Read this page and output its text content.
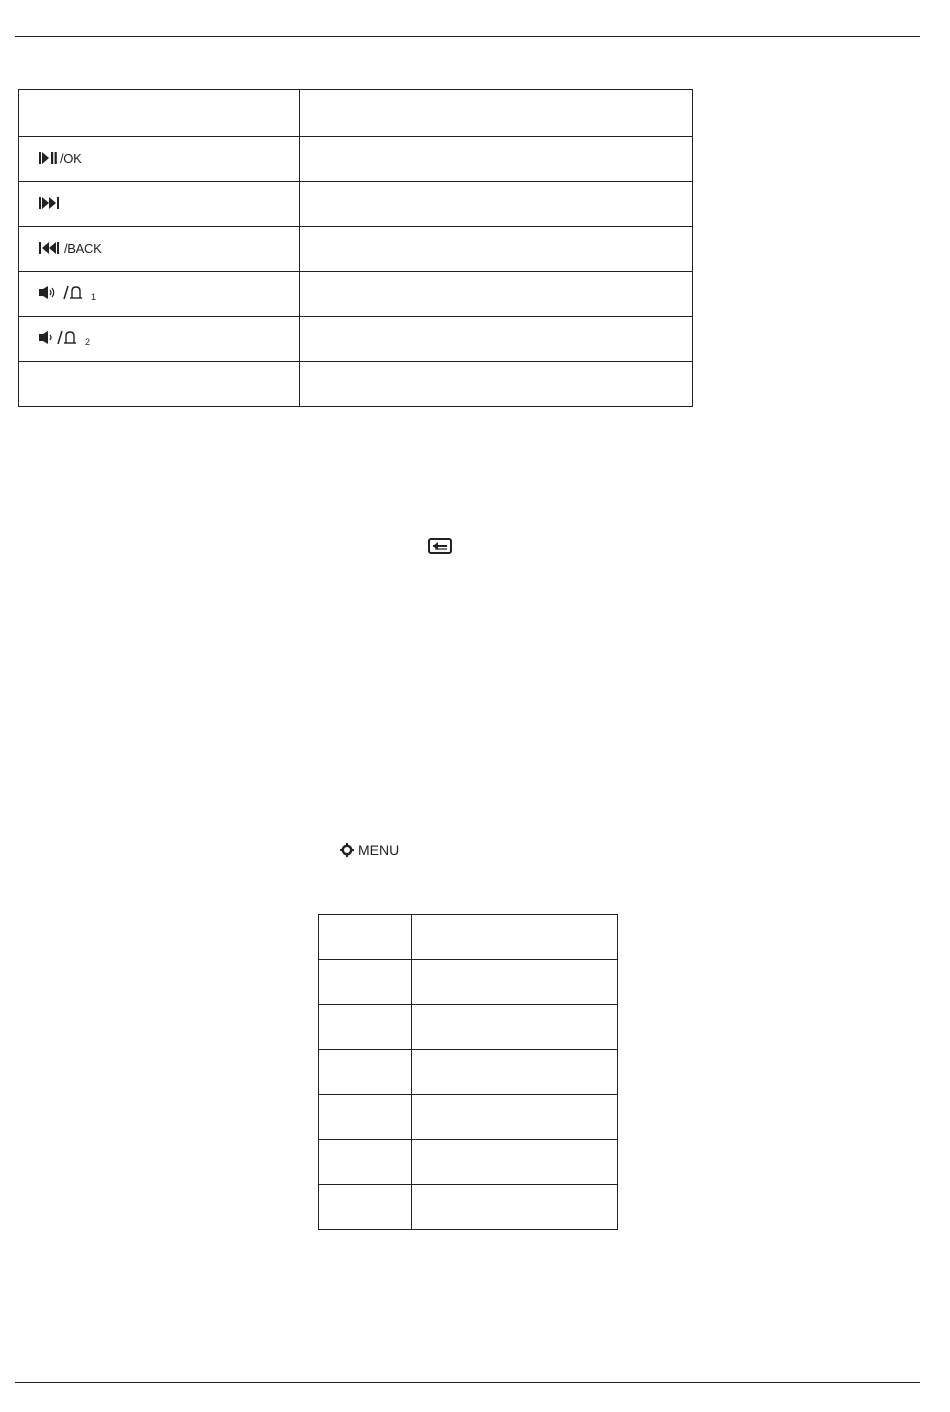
/OK	

/BACK	

1	

2	

MENU
